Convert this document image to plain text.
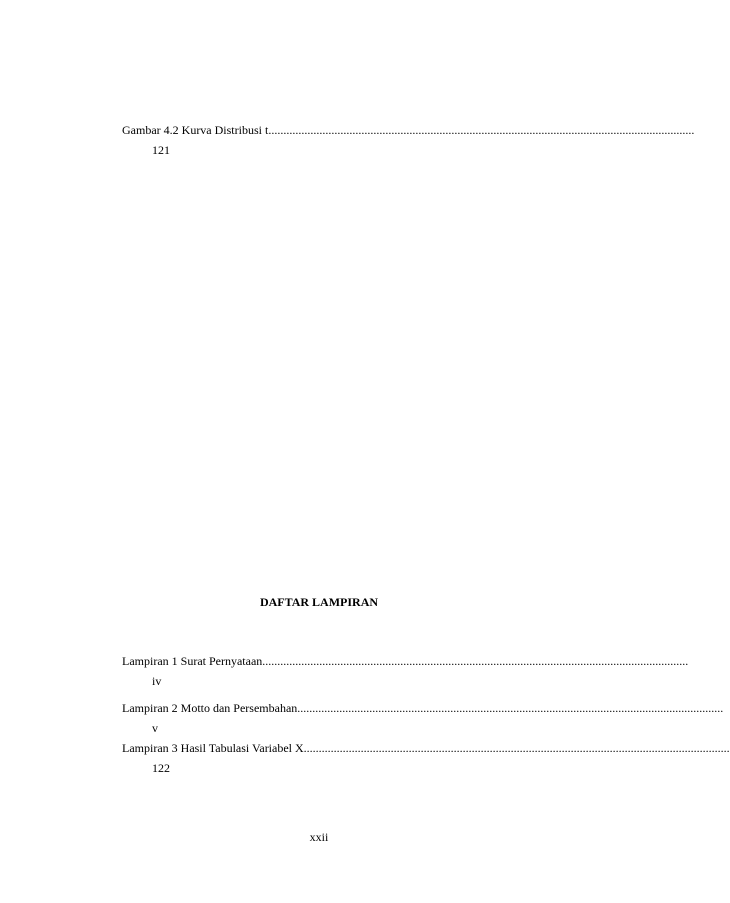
Gambar 4.2 Kurva Distribusi t ..............................................................................................................................................
121
DAFTAR LAMPIRAN
Lampiran 1 Surat Pernyataan ..............................................................................................................................................
iv
Lampiran 2 Motto dan Persembahan ..............................................................................................................................................
v
Lampiran 3 Hasil Tabulasi Variabel X ..............................................................................................................................................
122
xxii
